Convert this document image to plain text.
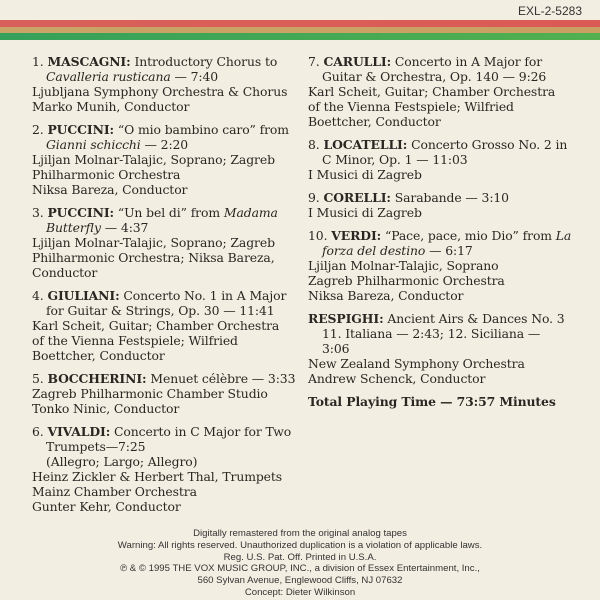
EXL-2-5283
1. MASCAGNI: Introductory Chorus to
Cavalleria rusticana — 7:40
Ljubljana Symphony Orchestra & Chorus
Marko Munih, Conductor
2. PUCCINI: “O mio bambino caro” from
Gianni schicchi — 2:20
Ljiljan Molnar-Talajic, Soprano; Zagreb
Philharmonic Orchestra
Niksa Bareza, Conductor
3. PUCCINI: “Un bel di” from Madama
Butterfly — 4:37
Ljiljan Molnar-Talajic, Soprano; Zagreb
Philharmonic Orchestra; Niksa Bareza,
Conductor
4. GIULIANI: Concerto No. 1 in A Major
for Guitar & Strings, Op. 30 — 11:41
Karl Scheit, Guitar; Chamber Orchestra
of the Vienna Festspiele; Wilfried
Boettcher, Conductor
5. BOCCHERINI: Menuet célèbre — 3:33
Zagreb Philharmonic Chamber Studio
Tonko Ninic, Conductor
6. VIVALDI: Concerto in C Major for Two
Trumpets—7:25
(Allegro; Largo; Allegro)
Heinz Zickler & Herbert Thal, Trumpets
Mainz Chamber Orchestra
Gunter Kehr, Conductor
7. CARULLI: Concerto in A Major for
Guitar & Orchestra, Op. 140 — 9:26
Karl Scheit, Guitar; Chamber Orchestra
of the Vienna Festspiele; Wilfried
Boettcher, Conductor
8. LOCATELLI: Concerto Grosso No. 2 in
C Minor, Op. 1 — 11:03
I Musici di Zagreb
9. CORELLI: Sarabande — 3:10
I Musici di Zagreb
10. VERDI: “Pace, pace, mio Dio” from La
forza del destino — 6:17
Ljiljan Molnar-Talajic, Soprano
Zagreb Philharmonic Orchestra
Niksa Bareza, Conductor
RESPIGHI: Ancient Airs & Dances No. 3
11. Italiana — 2:43; 12. Siciliana —
3:06
New Zealand Symphony Orchestra
Andrew Schenck, Conductor
Total Playing Time — 73:57 Minutes
Digitally remastered from the original analog tapes
Warning: All rights reserved. Unauthorized duplication is a violation of applicable laws.
Reg. U.S. Pat. Off. Printed in U.S.A.
℗ & © 1995 THE VOX MUSIC GROUP, INC., a division of Essex Entertainment, Inc.,
560 Sylvan Avenue, Englewood Cliffs, NJ 07632
Concept: Dieter Wilkinson
